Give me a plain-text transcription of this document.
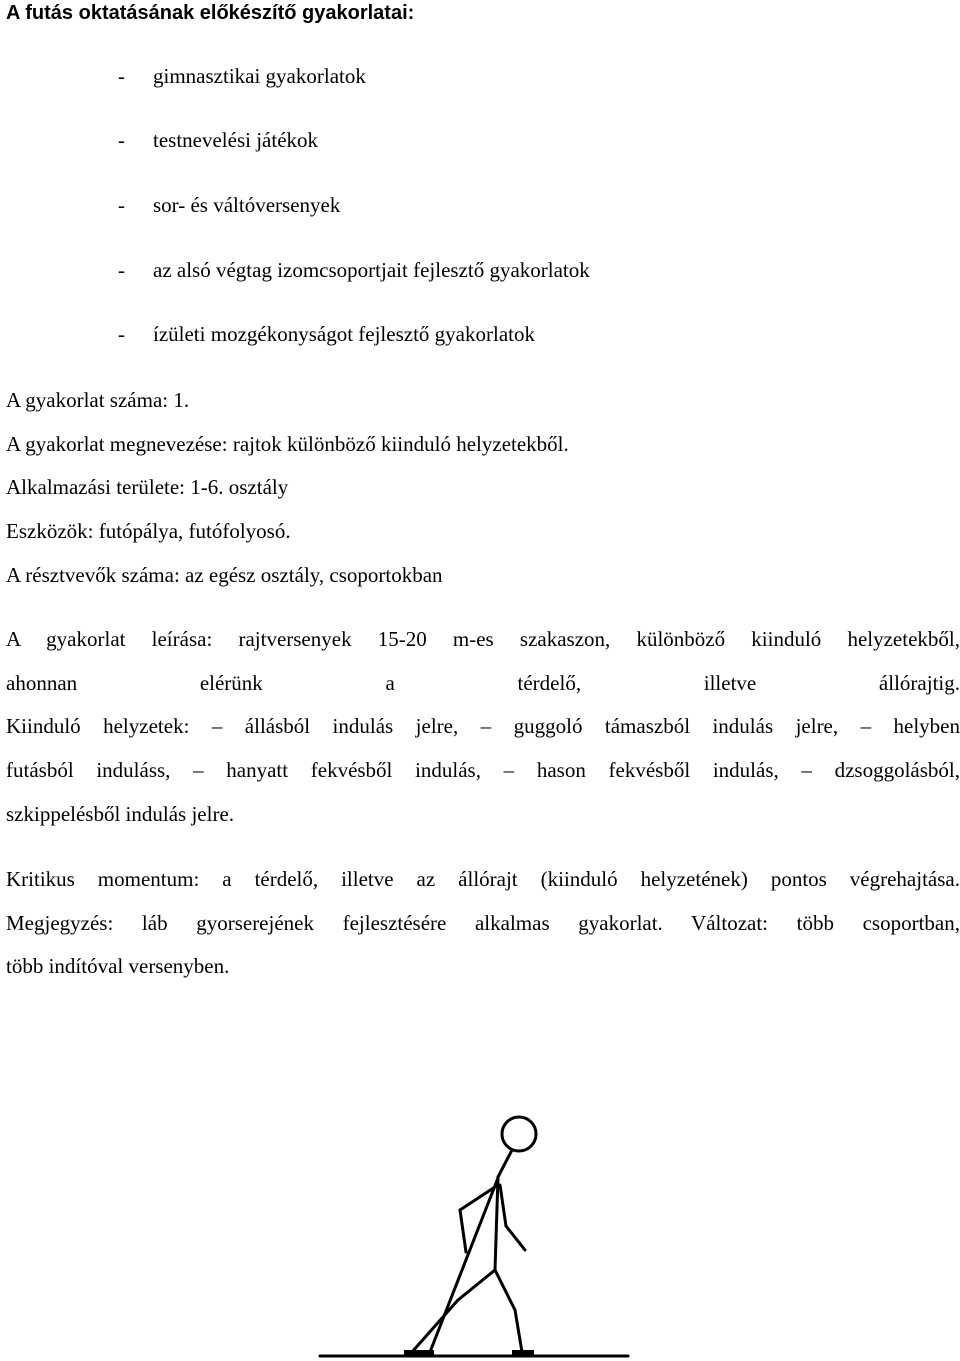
A futás oktatásának előkészítő gyakorlatai:
- gimnasztikai gyakorlatok
- testnevelési játékok
- sor- és váltóversenyek
- az alsó végtag izomcsoportjait fejlesztő gyakorlatok
- ízületi mozgékonyságot fejlesztő gyakorlatok
A gyakorlat száma: 1.
A gyakorlat megnevezése: rajtok különböző kiinduló helyzetekből.
Alkalmazási területe: 1-6. osztály
Eszközök: futópálya, futófolyosó.
A résztvevők száma: az egész osztály, csoportokban
A gyakorlat leírása: rajtversenyek 15-20 m-es szakaszon, különböző kiinduló helyzetekből,
ahonnan elérünk a térdelő, illetve állórajtig.
Kiinduló helyzetek: – állásból indulás jelre, – guggoló támaszból indulás jelre, – helyben
futásból induláss, – hanyatt fekvésből indulás, – hason fekvésből indulás, – dzsoggolásból,
szkippelésből indulás jelre.
Kritikus momentum: a térdelő, illetve az állórajt (kiinduló helyzetének) pontos végrehajtása.
Megjegyzés: láb gyorserejének fejlesztésére alkalmas gyakorlat. Változat: több csoportban,
több indítóval versenyben.
